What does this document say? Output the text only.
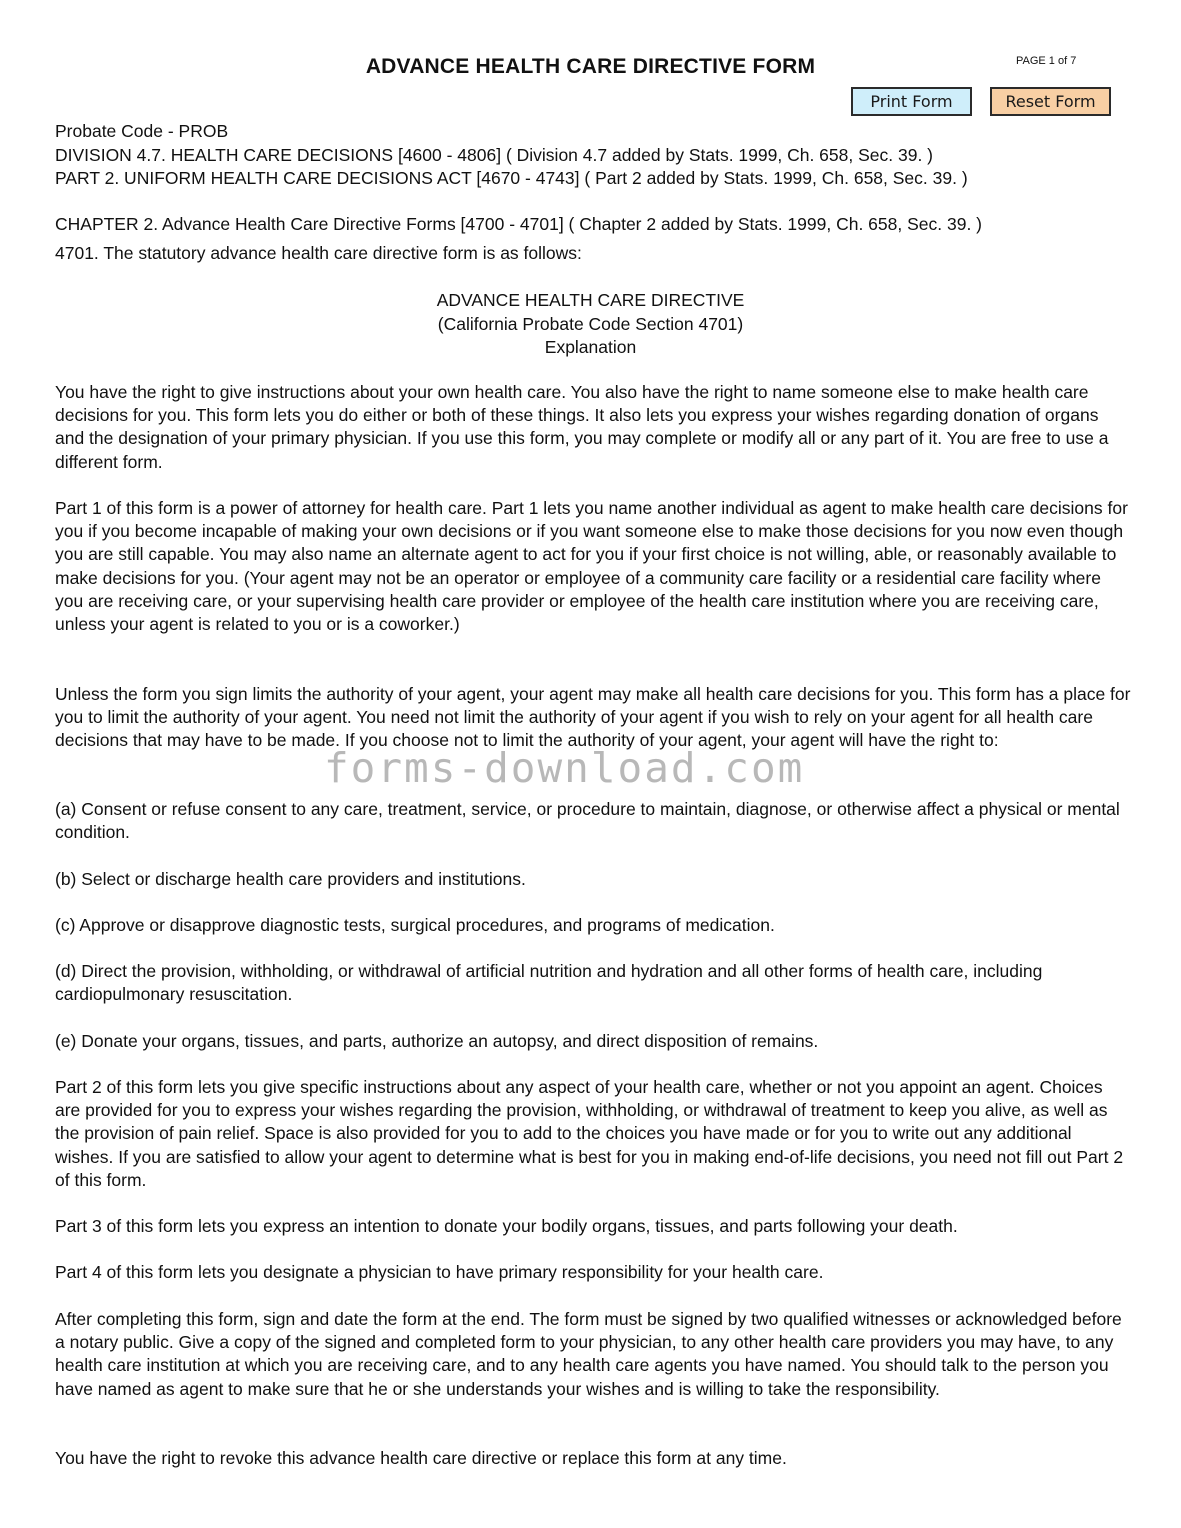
ADVANCE HEALTH CARE DIRECTIVE FORM	PAGE 1 of 7
Print Form	Reset Form
Probate Code - PROB
DIVISION 4.7. HEALTH CARE DECISIONS [4600 - 4806] ( Division 4.7 added by Stats. 1999, Ch. 658, Sec. 39. )
PART 2. UNIFORM HEALTH CARE DECISIONS ACT [4670 - 4743] ( Part 2 added by Stats. 1999, Ch. 658, Sec. 39. )
CHAPTER 2. Advance Health Care Directive Forms [4700 - 4701] ( Chapter 2 added by Stats. 1999, Ch. 658, Sec. 39. )
4701. The statutory advance health care directive form is as follows:
ADVANCE HEALTH CARE DIRECTIVE
(California Probate Code Section 4701)
Explanation

You have the right to give instructions about your own health care. You also have the right to name someone else to make health care decisions for you. This form lets you do either or both of these things. It also lets you express your wishes regarding donation of organs and the designation of your primary physician. If you use this form, you may complete or modify all or any part of it. You are free to use a different form.

Part 1 of this form is a power of attorney for health care. Part 1 lets you name another individual as agent to make health care decisions for you if you become incapable of making your own decisions or if you want someone else to make those decisions for you now even though you are still capable. You may also name an alternate agent to act for you if your first choice is not willing, able, or reasonably available to make decisions for you. (Your agent may not be an operator or employee of a community care facility or a residential care facility where you are receiving care, or your supervising health care provider or employee of the health care institution where you are receiving care, unless your agent is related to you or is a coworker.)

Unless the form you sign limits the authority of your agent, your agent may make all health care decisions for you. This form has a place for you to limit the authority of your agent. You need not limit the authority of your agent if you wish to rely on your agent for all health care decisions that may have to be made. If you choose not to limit the authority of your agent, your agent will have the right to:

forms-download.com

(a) Consent or refuse consent to any care, treatment, service, or procedure to maintain, diagnose, or otherwise affect a physical or mental condition.

(b) Select or discharge health care providers and institutions.

(c) Approve or disapprove diagnostic tests, surgical procedures, and programs of medication.

(d) Direct the provision, withholding, or withdrawal of artificial nutrition and hydration and all other forms of health care, including cardiopulmonary resuscitation.

(e) Donate your organs, tissues, and parts, authorize an autopsy, and direct disposition of remains.

Part 2 of this form lets you give specific instructions about any aspect of your health care, whether or not you appoint an agent. Choices are provided for you to express your wishes regarding the provision, withholding, or withdrawal of treatment to keep you alive, as well as the provision of pain relief. Space is also provided for you to add to the choices you have made or for you to write out any additional wishes. If you are satisfied to allow your agent to determine what is best for you in making end-of-life decisions, you need not fill out Part 2 of this form.

Part 3 of this form lets you express an intention to donate your bodily organs, tissues, and parts following your death.

Part 4 of this form lets you designate a physician to have primary responsibility for your health care.

After completing this form, sign and date the form at the end. The form must be signed by two qualified witnesses or acknowledged before a notary public. Give a copy of the signed and completed form to your physician, to any other health care providers you may have, to any health care institution at which you are receiving care, and to any health care agents you have named. You should talk to the person you have named as agent to make sure that he or she understands your wishes and is willing to take the responsibility.

You have the right to revoke this advance health care directive or replace this form at any time.
